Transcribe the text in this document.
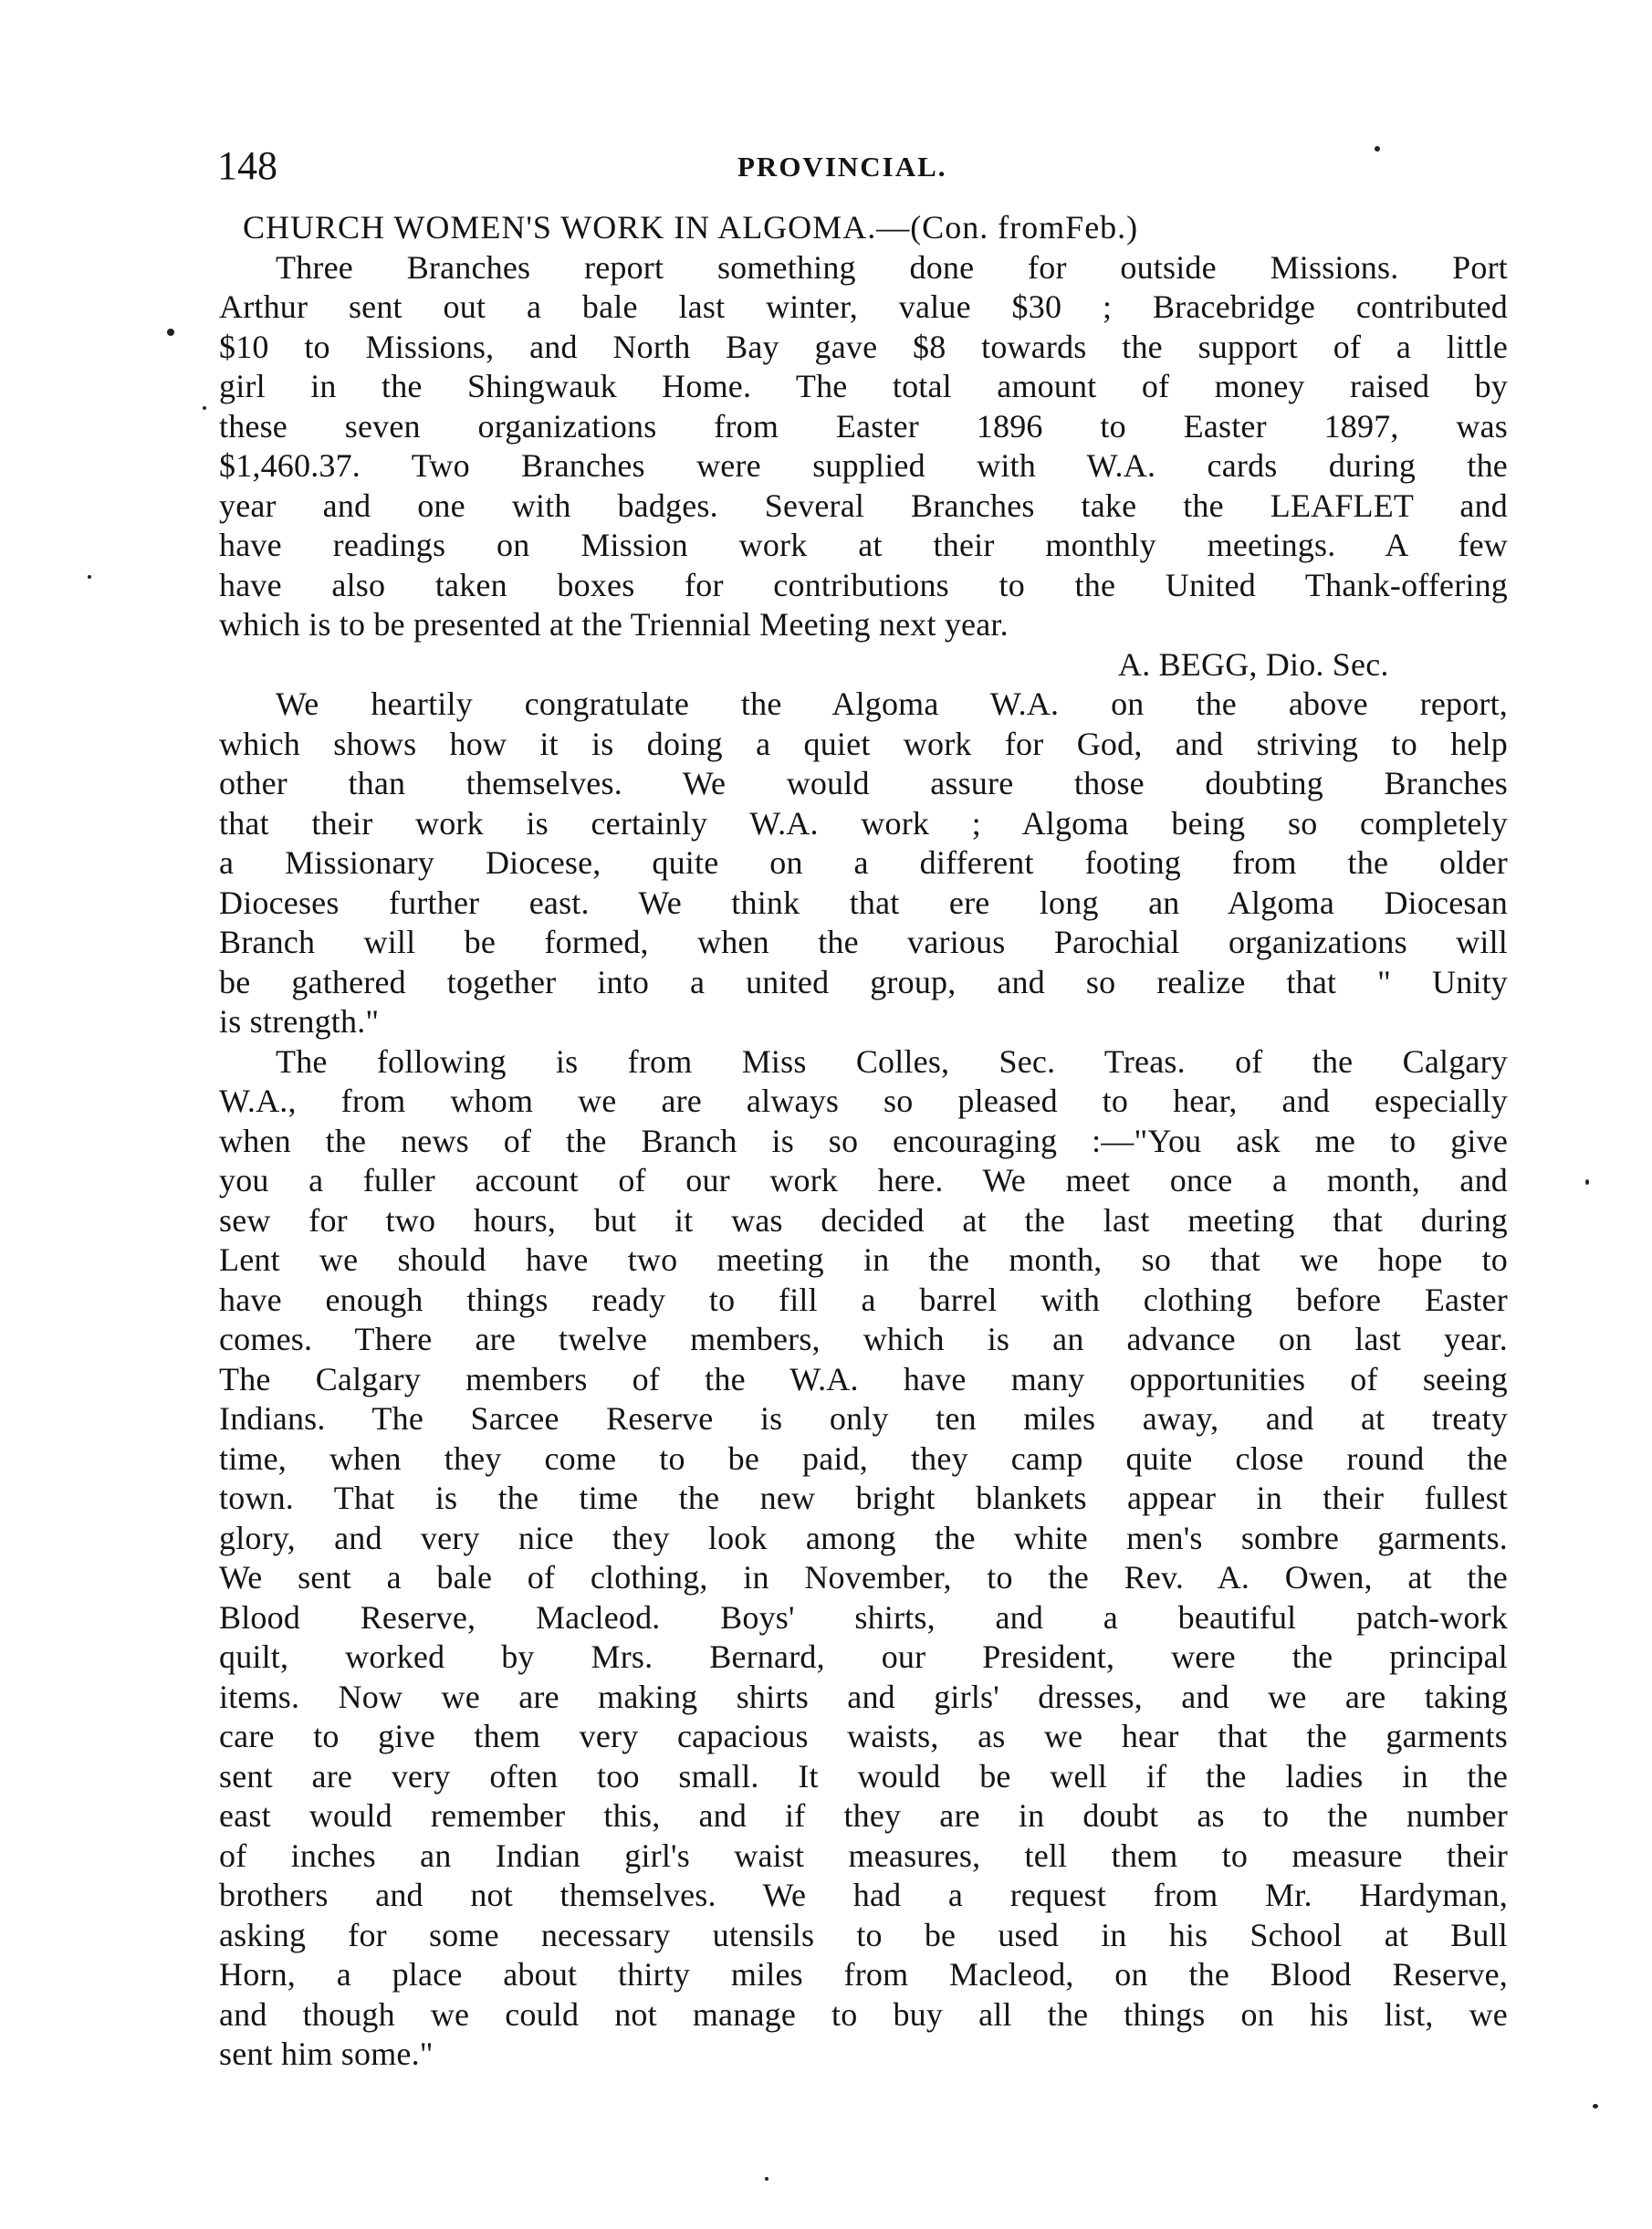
148	PROVINCIAL.
CHURCH WOMEN'S WORK IN ALGOMA.—(Con. fromFeb.)
Three Branches report something done for outside Missions. Port
Arthur sent out a bale last winter, value $30 ; Bracebridge contributed
$10 to Missions, and North Bay gave $8 towards the support of a little
girl in the Shingwauk Home. The total amount of money raised by
these seven organizations from Easter 1896 to Easter 1897, was
$1,460.37. Two Branches were supplied with W.A. cards during the
year and one with badges. Several Branches take the LEAFLET and
have readings on Mission work at their monthly meetings. A few
have also taken boxes for contributions to the United Thank-offering
which is to be presented at the Triennial Meeting next year.
A. BEGG, Dio. Sec.
We heartily congratulate the Algoma W.A. on the above report,
which shows how it is doing a quiet work for God, and striving to help
other than themselves. We would assure those doubting Branches
that their work is certainly W.A. work ; Algoma being so completely
a Missionary Diocese, quite on a different footing from the older
Dioceses further east. We think that ere long an Algoma Diocesan
Branch will be formed, when the various Parochial organizations will
be gathered together into a united group, and so realize that " Unity
is strength."
The following is from Miss Colles, Sec. Treas. of the Calgary
W.A., from whom we are always so pleased to hear, and especially
when the news of the Branch is so encouraging :—"You ask me to give
you a fuller account of our work here. We meet once a month, and
sew for two hours, but it was decided at the last meeting that during
Lent we should have two meeting in the month, so that we hope to
have enough things ready to fill a barrel with clothing before Easter
comes. There are twelve members, which is an advance on last year.
The Calgary members of the W.A. have many opportunities of seeing
Indians. The Sarcee Reserve is only ten miles away, and at treaty
time, when they come to be paid, they camp quite close round the
town. That is the time the new bright blankets appear in their fullest
glory, and very nice they look among the white men's sombre garments.
We sent a bale of clothing, in November, to the Rev. A. Owen, at the
Blood Reserve, Macleod. Boys' shirts, and a beautiful patch-work
quilt, worked by Mrs. Bernard, our President, were the principal
items. Now we are making shirts and girls' dresses, and we are taking
care to give them very capacious waists, as we hear that the garments
sent are very often too small. It would be well if the ladies in the
east would remember this, and if they are in doubt as to the number
of inches an Indian girl's waist measures, tell them to measure their
brothers and not themselves. We had a request from Mr. Hardyman,
asking for some necessary utensils to be used in his School at Bull
Horn, a place about thirty miles from Macleod, on the Blood Reserve,
and though we could not manage to buy all the things on his list, we
sent him some."
